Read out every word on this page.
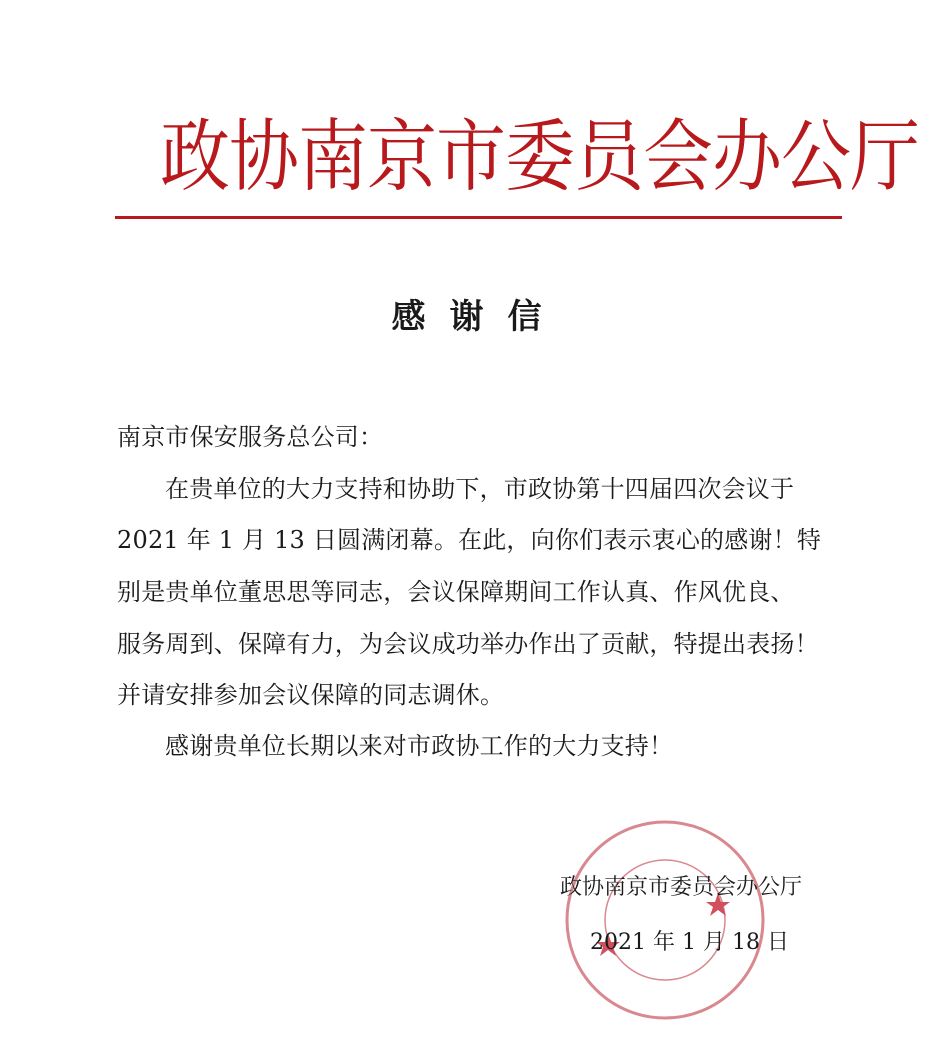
政协南京市委员会办公厅
感谢信
南京市保安服务总公司：
在贵单位的大力支持和协助下，市政协第十四届四次会议于
2021 年 1 月 13 日圆满闭幕。在此，向你们表示衷心的感谢！特
别是贵单位董思思等同志，会议保障期间工作认真、作风优良、
服务周到、保障有力，为会议成功举办作出了贡献，特提出表扬！
并请安排参加会议保障的同志调休。
感谢贵单位长期以来对市政协工作的大力支持！
政协南京市委员会办公厅
2021 年 1 月 18 日
